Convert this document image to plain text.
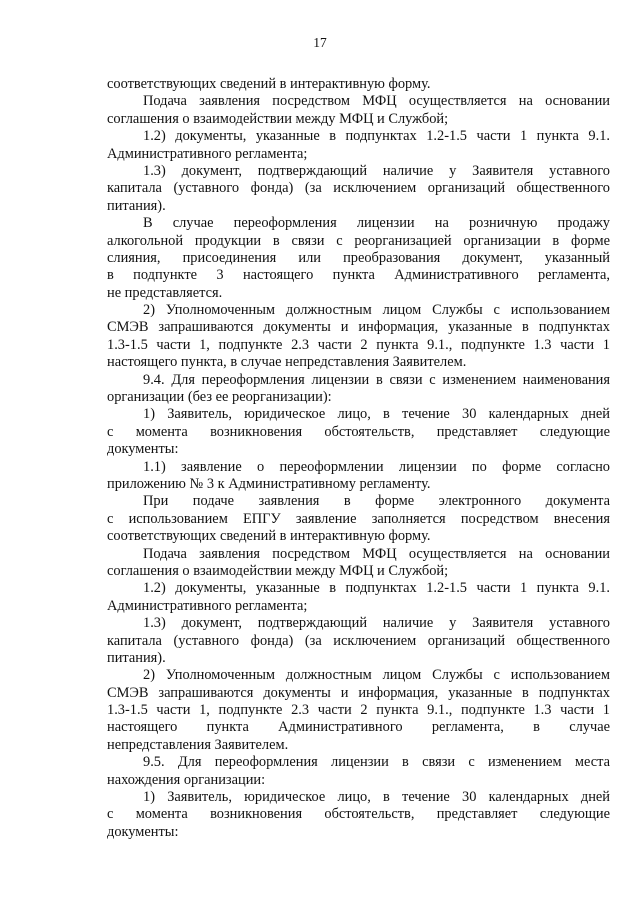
17
соответствующих сведений в интерактивную форму.
Подача заявления посредством МФЦ осуществляется на основании
соглашения о взаимодействии между МФЦ и Службой;
1.2) документы, указанные в подпунктах 1.2-1.5 части 1 пункта 9.1.
Административного регламента;
1.3) документ, подтверждающий наличие у Заявителя уставного
капитала (уставного фонда) (за исключением организаций общественного
питания).
В случае переоформления лицензии на розничную продажу
алкогольной продукции в связи с реорганизацией организации в форме
слияния, присоединения или преобразования документ, указанный
в подпункте 3 настоящего пункта Административного регламента,
не представляется.
2) Уполномоченным должностным лицом Службы с использованием
СМЭВ запрашиваются документы и информация, указанные в подпунктах
1.3-1.5 части 1, подпункте 2.3 части 2 пункта 9.1., подпункте 1.3 части 1
настоящего пункта, в случае непредставления Заявителем.
9.4. Для переоформления лицензии в связи с изменением наименования
организации (без ее реорганизации):
1) Заявитель, юридическое лицо, в течение 30 календарных дней
с момента возникновения обстоятельств, представляет следующие
документы:
1.1) заявление о переоформлении лицензии по форме согласно
приложению № 3 к Административному регламенту.
При подаче заявления в форме электронного документа
с использованием ЕПГУ заявление заполняется посредством внесения
соответствующих сведений в интерактивную форму.
Подача заявления посредством МФЦ осуществляется на основании
соглашения о взаимодействии между МФЦ и Службой;
1.2) документы, указанные в подпунктах 1.2-1.5 части 1 пункта 9.1.
Административного регламента;
1.3) документ, подтверждающий наличие у Заявителя уставного
капитала (уставного фонда) (за исключением организаций общественного
питания).
2) Уполномоченным должностным лицом Службы с использованием
СМЭВ запрашиваются документы и информация, указанные в подпунктах
1.3-1.5 части 1, подпункте 2.3 части 2 пункта 9.1., подпункте 1.3 части 1
настоящего пункта Административного регламента, в случае
непредставления Заявителем.
9.5. Для переоформления лицензии в связи с изменением места
нахождения организации:
1) Заявитель, юридическое лицо, в течение 30 календарных дней
с момента возникновения обстоятельств, представляет следующие
документы:
